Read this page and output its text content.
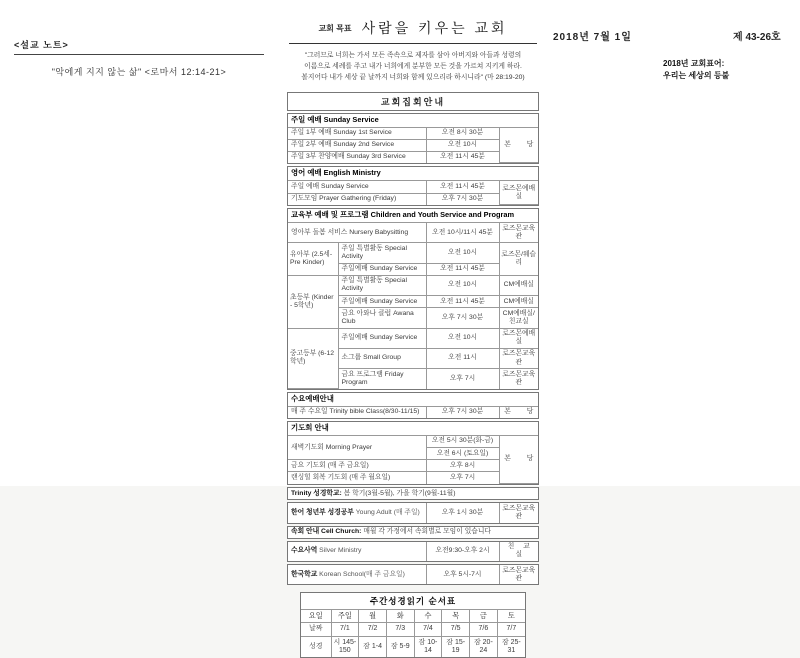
<설교 노트>
"악에게 지지 않는 삶" <로마서 12:14-21>
2018년 7월 1일	제 43-26호
2018년 교회표어:
우리는 세상의 등불
교회 목표 사람을 키우는 교회
"그러므로 너희는 가서 모든 족속으로 제자를 삼아 아버지와 아들과 성령의
이름으로 세례를 주고 내가 너희에게 분부한 모든 것을 가르쳐 지키게 하라.
볼지어다 내가 세상 끝 날까지 너희와 함께 있으리라 하시니라" (마 28:19-20)
교회집회안내
주일 예배 Sunday Service		
주일 1부 예배 Sunday 1st Service	오전 8시 30분	본 당
주일 2부 예배 Sunday 2nd Service	오전 10시	
주일 3부 찬양예배 Sunday 3rd Service	오전 11시 45분	
영어 예배 English Ministry		
주일 예배 Sunday Service	오전 11시 45분	로즈몬예배실
기도모임 Prayer Gathering (Friday)	오후 7시 30분	
교육부 예배 및 프로그램 Children and Youth Service and Program			
영아부 돌봄 서비스 Nursery Babysitting		오전 10시/11시 45분	로즈몬교육관
유아부 (2.5세-Pre Kinder)	주일 특별활동 Special Activity	오전 10시	로즈몬/웨슬리
	주일예배 Sunday Service	오전 11시 45분	
초등부 (Kinder - 5학년)	주일 특별활동 Special Activity	오전 10시	CM예배실
	주일예배 Sunday Service	오전 11시 45분	CM예배실
	금요 아와나 클럽 Awana Club	오후 7시 30분	CM예배실/친교실
중고등부 (6-12학년)	주일예배 Sunday Service	오전 10시	로즈몬예배실
	소그룹 Small Group	오전 11시	로즈몬교육관
	금요 프로그램 Friday Program	오후 7시	로즈몬교육관
수요예배안내
매 주 수요일 Trinity bible Class(8/30-11/15)	오후 7시 30분	본 당
기도회 안내		
새벽기도회 Morning Prayer	오전 5시 30분(화-금)	본 당
	오전 6시 (토요일)	
금요 기도회 (매 주 금요일)	오후 8시	
랜싱힐 회복 기도회 (매 주 월요일)	오후 7시	
Trinity 성경학교: 봄 학기(3월-5월), 가을 학기(9월-11월)
한어 청년부 성경공부 Young Adult (매 주일)	오후 1시 30분	로즈몬교육관
속회 안내 Cell Church: 매월 각 가정에서 속회별로 모임이 있습니다
수요사역 Silver Ministry	오전9:30-오후 2시	친 교 실
한국학교 Korean School(매 주 금요일)	오후 5시-7시	로즈몬교육관
주간성경읽기 순서표							
요일	주일	월	화	수	목	금	토
날짜	7/1	7/2	7/3	7/4	7/5	7/6	7/7
성경	시 145-150	잠 1-4	잠 5-9	잠 10-14	잠 15-19	잠 20-24	잠 25-31
